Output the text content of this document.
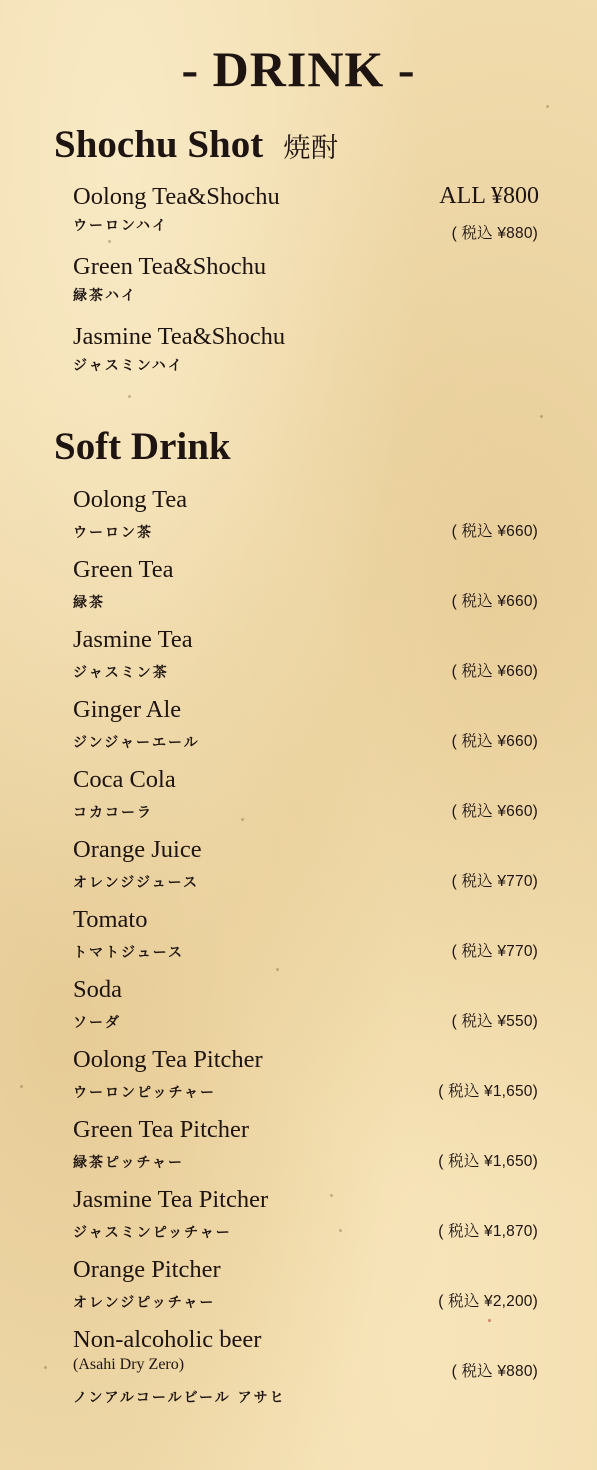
- DRINK -
Shochu Shot 焼酎
ALL ¥800
( 税込 ¥880)
Oolong Tea&Shochu
ウーロンハイ
Green Tea&Shochu
緑茶ハイ
Jasmine Tea&Shochu
ジャスミンハイ
Soft Drink
Oolong Tea
ウーロン茶	( 税込 ¥660)
Green Tea
緑茶	( 税込 ¥660)
Jasmine Tea
ジャスミン茶	( 税込 ¥660)
Ginger Ale
ジンジャーエール	( 税込 ¥660)
Coca Cola
コカコーラ	( 税込 ¥660)
Orange Juice
オレンジジュース	( 税込 ¥770)
Tomato
トマトジュース	( 税込 ¥770)
Soda
ソーダ	( 税込 ¥550)
Oolong Tea Pitcher
ウーロンピッチャー	( 税込 ¥1,650)
Green Tea Pitcher
緑茶ピッチャー	( 税込 ¥1,650)
Jasmine Tea Pitcher
ジャスミンピッチャー	( 税込 ¥1,870)
Orange Pitcher
オレンジピッチャー	( 税込 ¥2,200)
Non-alcoholic beer
(Asahi Dry Zero)
ノンアルコールビール アサヒ
( 税込 ¥880)
